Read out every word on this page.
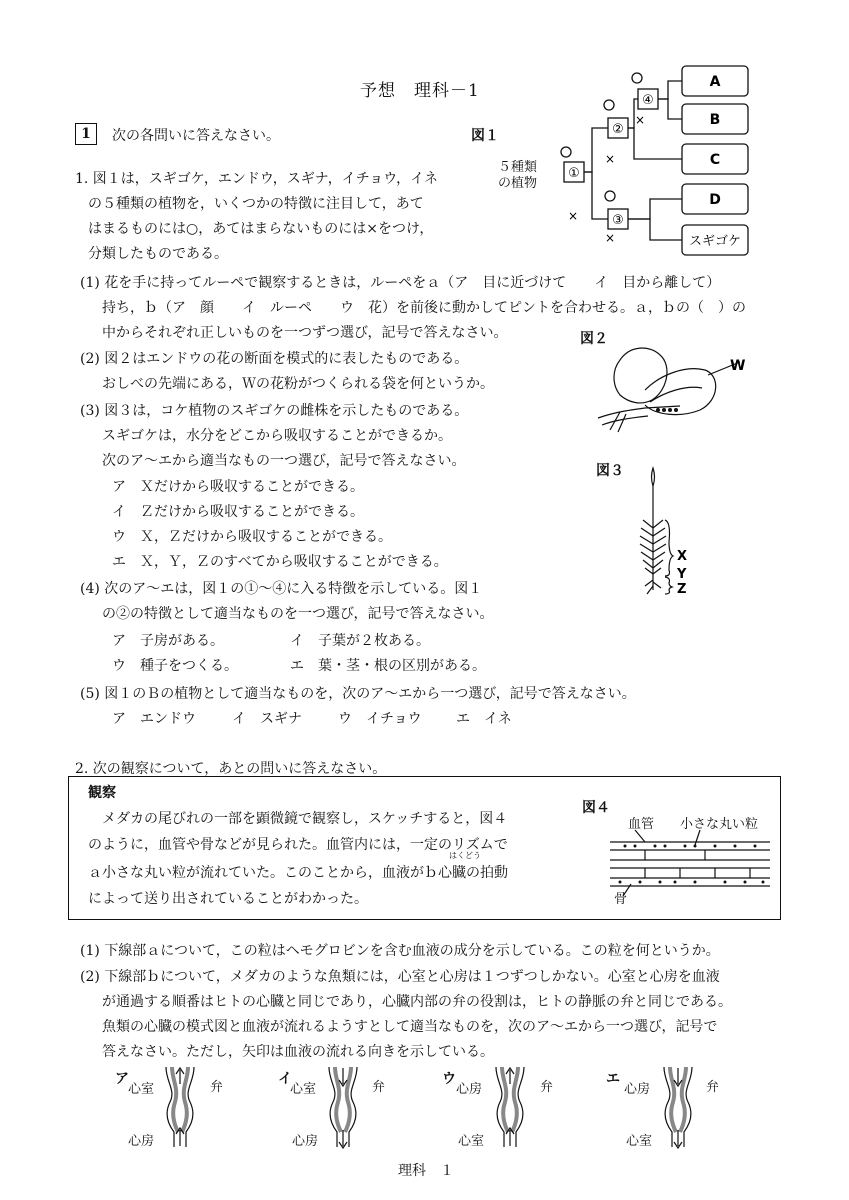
予想　理科－1
1	次の各問いに答えなさい。
1. 図１は，スギゴケ，エンドウ，スギナ，イチョウ，イネ
の５種類の植物を，いくつかの特徴に注目して，あて
はまるものには○，あてはまらないものには×をつけ，
分類したものである。
(1) 花を手に持ってルーペで観察するときは，ルーペをａ（ア　目に近づけて　　イ　目から離して）
持ち，ｂ（ア　顔　　イ　ルーペ　　ウ　花）を前後に動かしてピントを合わせる。ａ，ｂの（　）の
中からそれぞれ正しいものを一つずつ選び，記号で答えなさい。
(2) 図２はエンドウの花の断面を模式的に表したものである。
おしべの先端にある，Ｗの花粉がつくられる袋を何というか。
(3) 図３は，コケ植物のスギゴケの雌株を示したものである。
スギゴケは，水分をどこから吸収することができるか。
次のア～エから適当なもの一つ選び，記号で答えなさい。
ア　Ｘだけから吸収することができる。
イ　Ｚだけから吸収することができる。
ウ　Ｘ，Ｚだけから吸収することができる。
エ　Ｘ，Ｙ，Ｚのすべてから吸収することができる。
(4) 次のア～エは，図１の①～④に入る特徴を示している。図１
の②の特徴として適当なものを一つ選び，記号で答えなさい。
ア　子房がある。	イ　子葉が２枚ある。
ウ　種子をつくる。	エ　葉・茎・根の区別がある。
(5) 図１のＢの植物として適当なものを，次のア～エから一つ選び，記号で答えなさい。
ア　エンドウ	イ　スギナ	ウ　イチョウ エ　イネ
図１
①
②
③
④
A
B
C
D
スギゴケ
×
×
×
×
５種類
の植物
図２
W
図３
X
Y
Z
2. 次の観察について，あとの問いに答えなさい。
観察
メダカの尾びれの一部を顕微鏡で観察し，スケッチすると，図４
のように，血管や骨などが見られた。血管内には，一定のリズムで
ａ小さな丸い粒が流れていた。このことから，血液がｂ心臓の拍動
はくどう
によって送り出されていることがわかった。
図４
血管 小さな丸い粒
骨
(1) 下線部ａについて，この粒はヘモグロビンを含む血液の成分を示している。この粒を何というか。
(2) 下線部ｂについて，メダカのような魚類には，心室と心房は１つずつしかない。心室と心房を血液
が通過する順番はヒトの心臓と同じであり，心臓内部の弁の役割は，ヒトの静脈の弁と同じである。
魚類の心臓の模式図と血液が流れるようすとして適当なものを，次のア～エから一つ選び，記号で
答えなさい。ただし，矢印は血液の流れる向きを示している。
ア
心室	弁
心房
イ
心室	弁
心房
ウ
心房	弁
心室
エ
心房	弁
心室
理科　１
